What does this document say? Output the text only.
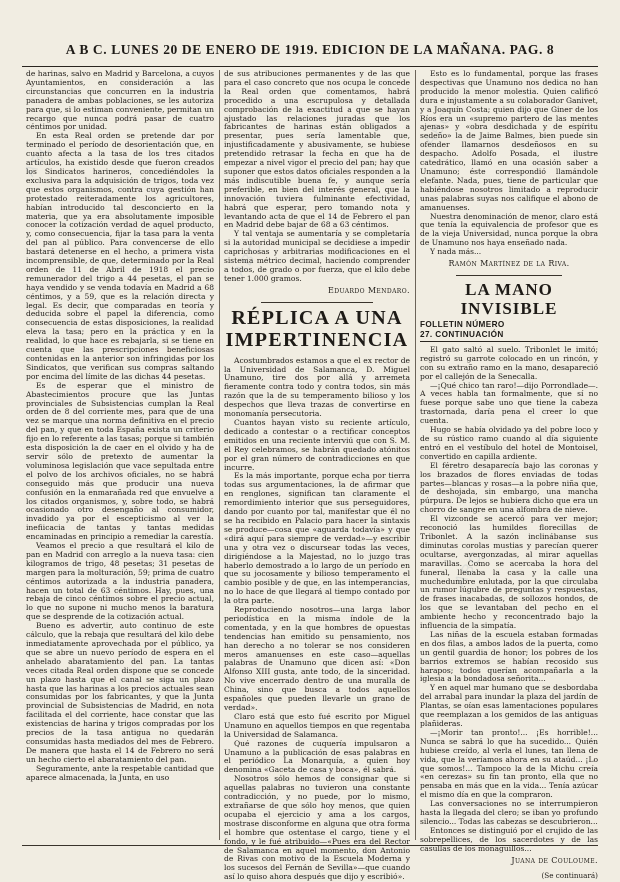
A B C. LUNES 20 DE ENERO DE 1919. EDICION DE LA MAÑANA. PAG. 8

de harinas, salvo en Madrid y Barcelona, a cuyos Ayuntamientos, en consideración a las circunstancias que concurren en la industria panadera de ambas poblaciones, se les autoriza para que, si lo estiman conveniente, permitan un recargo que nunca podrá pasar de cuatro céntimos por unidad.

En esta Real orden se pretende dar por terminado el período de desorientación que, en cuanto afecta a la tasa de los tres citados artículos, ha existido desde que fueron creados los Sindicatos harineros, concediéndoles la exclusiva para la adquisición de trigos, toda vez que estos organismos, contra cuya gestión han protestado reiteradamente los agricultores, habían introducido tal desconcierto en la materia, que ya era absolutamente imposible conocer la cotización verdad de aquel producto, y, como consecuencia, fijar la tasa para la venta del pan al público. Para convencerse de ello bastará detenerse en el hecho, a primera vista incomprensible, de que, determinado por la Real orden de 11 de Abril de 1918 el precio remunerador del trigo a 44 pesetas, el pan se haya vendido y se venda todavía en Madrid a 68 céntimos, y a 59, que es la relación directa y legal. Es decir, que comparadas en teoría y deducida sobre el papel la diferencia, como consecuencia de estas disposiciones, la realidad eleva la tasa; pero en la práctica y en la realidad, lo que hace es rebajarla, si se tiene en cuenta que las prescripciones beneficiosas contenidas en la anterior son infringidas por los Sindicatos, que verifican sus compras saltando por encima del límite de las dichas 44 pesetas.

Es de esperar que el ministro de Abastecimientos procure que las Juntas provinciales de Subsistencias cumplan la Real orden de 8 del corriente mes, para que de una vez se marque una norma definitiva en el precio del pan, y que en toda España exista un criterio fijo en lo referente a las tasas; porque si también esta disposición la de caer en el olvido y ha de servir sólo de pretexto de aumentar la voluminosa legislación que vace sepultada entre el polvo de los archivos oficiales, no se habrá conseguido más que producir una nueva confusión en la enmarañada red que envuelve a los citados organismos, y, sobre todo, se habrá ocasionado otro desengaño al consumidor, invadido ya por el escepticismo al ver la inefiicacia de tantas y tantas medidas encaminadas en principio a remediar la carestía.

Veamos el precio a que resultará el kilo de pan en Madrid con arreglo a la nueva tasa: cien kilogramos de trigo, 48 pesetas; 31 pesetas de margen para la molturación, 59; prima de cuatro céntimos autorizada a la industria panadera, hacen un total de 63 céntimos. Hay, pues, una rebaja de cinco céntimos sobre el precio actual, lo que no supone ni mucho menos la baratura que se desprende de la cotización actual.

Bueno es advertir, auto continuo de este cálculo, que la rebaja que resultará del kilo debe inmediatamente aprovechada por el público, ya que se abre un nuevo período de espera en el anhelado abaratamiento del pan. La tantas veces citada Real orden dispone que se concede un plazo hasta que el canal se siga un plazo hasta que las harinas a los precios actuales sean consumidas por los fabricantes, y que la Junta provincial de Subsistencias de Madrid, en nota facilitada el del corriente, hace constar que las existencias de harina y trigos compradas por los precios de la tasa antigua no quedarán consumidas hasta mediados del mes de Febrero. De manera que hasta el 14 de Febrero no será un hecho cierto el abaratamiento del pan.

Seguramente, ante la respetable cantidad que aparece almacenada, la Junta, en uso

de sus atribuciones permanentes y de las que para el caso concreto que nos ocupa le concede la Real orden que comentamos, habrá procedido a una escrupulosa y detallada comprobación de la exactitud a que se hayan ajustado las relaciones juradas que los fabricantes de harinas están obligados a presentar, pues sería lamentable que, injustificadamente y abusivamente, se hubiese pretendido retrasar la fecha en que ha de empezar a nivel vigor el precio del pan; hay que suponer que estos datos oficiales responden a la más indiscutible buena fe, y aunque sería preferible, en bien del interés general, que la innovación tuviera fulminante efectividad, habrá que esperar, pero tomando nota y levantando acta de que el 14 de Febrero el pan en Madrid debe bajar de 68 a 63 céntimos.

Y tal ventaja se aumentaría y se completaría si la autoridad municipal se decidiese a impedir caprichosas y arbitrarias modificaciones en el sistema métrico decimal, haciendo comprender a todos, de grado o por fuerza, que el kilo debe tener 1.000 gramos.

Eduardo Mendaro.
RÉPLICA A UNA IMPERTINENCIA

Acostumbrados estamos a que el ex rector de la Universidad de Salamanca, D. Miguel Unamuno, tire dos por allá y arremeta fieramente contra todo y contra todos, sin más razón que la de su temperamento bilioso y los despechos que lleva trazas de convertirse en monomanía persecutoria.

Cuantos hayan visto su reciente artículo, dedicado a contestar o a rectificar conceptos emitidos en una reciente interviú que con S. M. el Rey celebramos, se habrán quedado atónitos por el gran número de contradicciones en que incurre.

Es la más importante, porque echa por tierra todas sus argumentaciones, la de afirmar que en renglones, significan tan claramente el remordimiento interior que sus perseguidores, dando por cuanto por tal, manifestar que él no se ha recibido en Palacio para hacer la sintaxis se produce—cosa que «aguarda todavía» y que «dirá aquí para siempre de verdad»—y escribir una y otra vez o discursear todas las veces, dirigiéndose a la Majestad, no lo juzgo tras haberlo demostrado a lo largo de un período en que su jocosamente y bilioso temperamento el cambio posible y de que, en las intemperancias, no lo hace de que llegará al tiempo contado por la otra parte.

Reproduciendo nosotros—una larga labor periodística en la misma índole de la comentada, y en la que hombres de opuestas tendencias han emitido su pensamiento, nos han derecho a no tolerar se nos consideren meros amanuenses en este caso—aquellas palabras de Unamuno que dicen así: «Don Alfonso XIII gusta, ante todo, de la sinceridad. No vive encerrado dentro de una muralla de China, sino que busca a todos aquellos españoles que pueden llevarle un grano de verdad».

Claro está que esto fué escrito por Miguel Unamuno en aquellos tiempos en que regentaba la Universidad de Salamanca.

Qué razones de cuquería impulsaron a Unamuno a la publicación de esas palabras en el periódico La Monarquía, a quien hoy denomina «Gaceta de casa y boca», él sabrá.

Nosotros sólo hemos de consignar que si aquellas palabras no tuvieron una constante contradicción, y no puede, por lo mismo, extrañarse de que sólo hoy menos, que quien ocupaba el ejercicio y ama a los cargos, mostrase disconforme en alguna que otra forma el hombre que ostentase el cargo, tiene y el fondo, y le fué atribuido—«Pues era del Rector de Salamanca en aquel momento, don Antonio de Rivas con motivo de la Escuela Moderna y los sucesos del Fernán de Sevilla»—que cuando así lo quiso ahora después que dijo y escribió».

Esto es lo fundamental, porque las frases despectivas que Unamuno nos dedica no han producido la menor molestia. Quien calificó dura e injustamente a su colaborador Ganivet, y a Joaquín Costa; quien dijo que Giner de los Ríos era un «supremo partero de las mentes ajenas» y «obra desdichada y de espíritu sedeño» la de Jaime Balmes, bien puede sin ofender llamarnos desdeñosos en su despacho. Adolfo Posada, el ilustre catedrático, llamó en una ocasión saber a Unamuno; éste correspondió llamándole elefante. Nada, pues, tiene de particular que habiéndose nosotros limitado a reproducir unas palabras suyas nos califique el abono de amanuenses.

Nuestra denominación de menor, claro está que tenía la equivalencia de profesor que es de la vieja Universidad, nunca porque la obra de Unamuno nos haya enseñado nada.

Y nada más...

Ramón Martínez de la Riva.
LA MANO INVISIBLE
FOLLETIN NÚMERO
27. CONTINUACIÓN

El gato saltó al suelo. Tribonlet le imitó; registró su garrote colocado en un rincón, y con su extraño ramo en la mano, desapareció por el callejón de la Senecalla.

—¡Qué chico tan raro!—dijo Porrondlade—. A veces habla tan formalmente, que sí no fuese porque sabe uno que tiene la cabeza trastornada, daría pena el creer lo que cuenta.

Hugo se había olvidado ya del pobre loco y de su rústico ramo cuando al día siguiente entró en el vestíbulo del hotel de Montoisel, convertido en capilla ardiente.

El féretro desaparecía bajo las coronas y los brazados de flores enviadas de todas partes—blancas y rosas—a la pobre niña que, de deshojada, sin embargo, una mancha púrpura. De lejos se hubiera dicho que era un chorro de sangre en una alfombra de nieve.

El vizconde se acercó para ver mejor; reconoció las humildes florecillas de Tribonlet. A la sazón inclinábanse sus diminutas corolas mustias y parecían querer ocultarse, avergonzadas, al mirar aquellas maravillas. Como se acercaba la hora del funeral, llenaba la casa y la calle una muchedumbre enlutada, por la que circulaba un rumor lúgubre de preguntas y respuestas, de frases inacabadas, de sollozos hondos, de los que se levantaban del pecho en el ambiente hecho y reconcentrado bajo la influencia de la simpatía.

Las niñas de la escuela estaban formadas en dos filas, a ambos lados de la puerta, como un gentil guardia de honor; los pobres de los barrios extremos se habían recosido sus harapos; todos querían acompañarla a la iglesia a la bondadosa señorita...

Y en aquel mar humano que se desbordaba del arrabal para inundar la plaza del jardín de Plantas, se oían esas lamentaciones populares que reemplazan a los gemidos de las antiguas plañideras.

—¡Morir tan pronto!... ¡Es horrible!... Nunca se sabrá lo que ha sucedido... Quién hubiese creído, al verla el lunes, tan llena de vida, que la veríamos ahora en su ataúd... ¡Lo que somos!... Tampoco la de la Michu creía «en cerezas» su fin tan pronto, ella que no pensaba en más que en la vida... Tenía azúcar el mismo día en que la compraron.

Las conversaciones no se interrumpieron hasta la llegada del clero; se iban yo profundo silencio... Todas las cabezas se descubrieron...

Entonces se distinguió por el crujido de las sobrepellices, de los sacerdotes y de las casullas de los monaguillos...

Juana de Couloume.
(Se continuará)
ABC
ABC
ABC
ABC
ABC
